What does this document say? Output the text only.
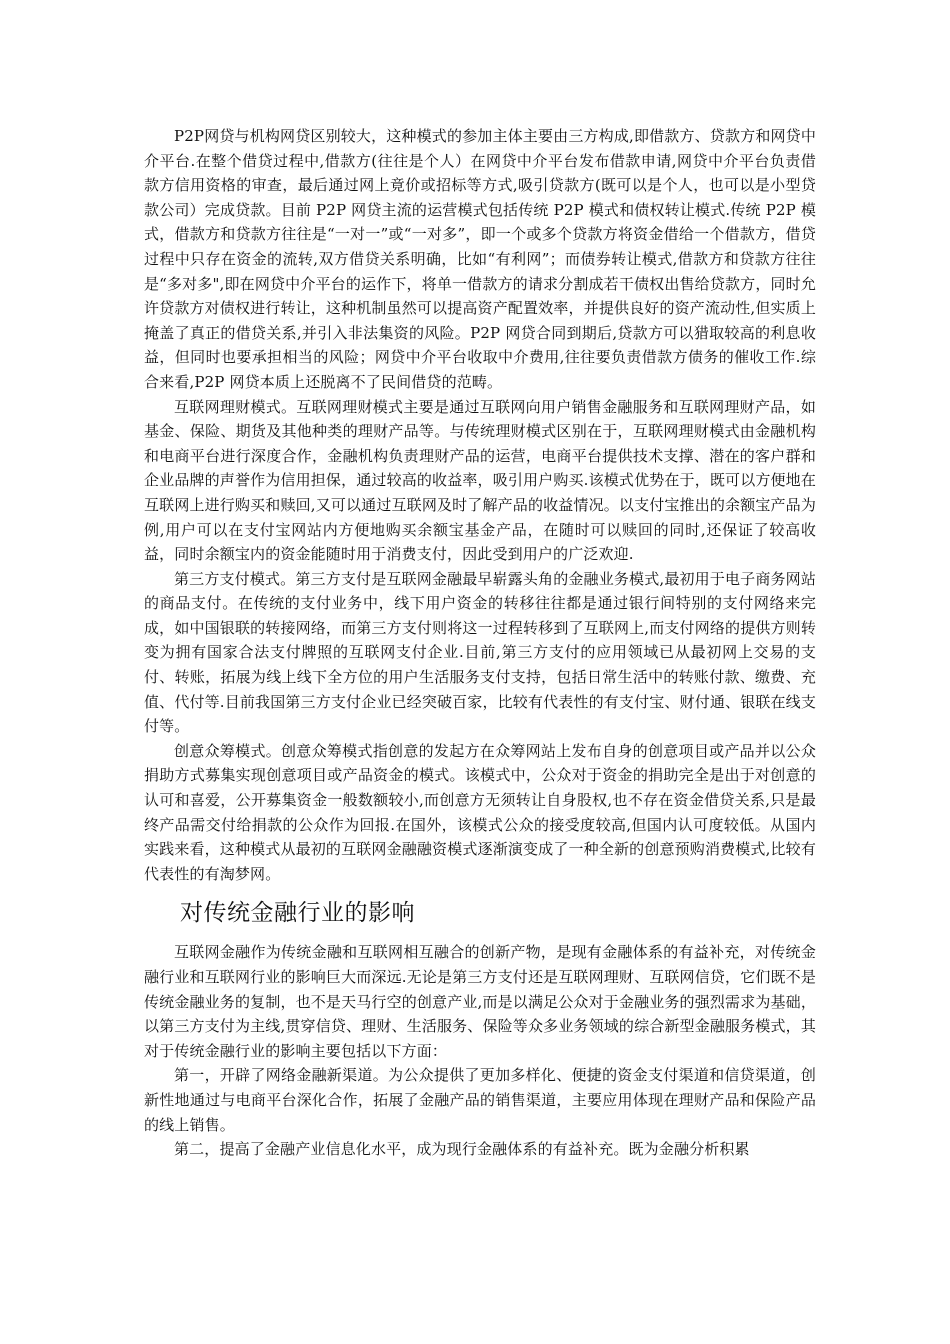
P2P网贷与机构网贷区别较大，这种模式的参加主体主要由三方构成,即借款方、贷款方和网贷中介平台.在整个借贷过程中,借款方(往往是个人）在网贷中介平台发布借款申请,网贷中介平台负责借款方信用资格的审查，最后通过网上竟价或招标等方式,吸引贷款方(既可以是个人，也可以是小型贷款公司）完成贷款。目前 P2P 网贷主流的运营模式包括传统 P2P 模式和债权转让模式.传统 P2P 模式，借款方和贷款方往往是“一对一”或“一对多”，即一个或多个贷款方将资金借给一个借款方，借贷过程中只存在资金的流转,双方借贷关系明确，比如“有利网”；而债券转让模式,借款方和贷款方往往是“多对多",即在网贷中介平台的运作下，将单一借款方的请求分割成若干债权出售给贷款方，同时允许贷款方对债权进行转让，这种机制虽然可以提高资产配置效率，并提供良好的资产流动性,但实质上掩盖了真正的借贷关系,并引入非法集资的风险。P2P 网贷合同到期后,贷款方可以猎取较高的利息收益，但同时也要承担相当的风险；网贷中介平台收取中介费用,往往要负责借款方债务的催收工作.综合来看,P2P 网贷本质上还脱离不了民间借贷的范畴。

互联网理财模式。互联网理财模式主要是通过互联网向用户销售金融服务和互联网理财产品，如基金、保险、期货及其他种类的理财产品等。与传统理财模式区别在于，互联网理财模式由金融机构和电商平台进行深度合作，金融机构负责理财产品的运营，电商平台提供技术支撑、潜在的客户群和企业品牌的声誉作为信用担保，通过较高的收益率，吸引用户购买.该模式优势在于，既可以方便地在互联网上进行购买和赎回,又可以通过互联网及时了解产品的收益情况。以支付宝推出的余额宝产品为例,用户可以在支付宝网站内方便地购买余额宝基金产品，在随时可以赎回的同时,还保证了较高收益，同时余额宝内的资金能随时用于消费支付，因此受到用户的广泛欢迎.

第三方支付模式。第三方支付是互联网金融最早崭露头角的金融业务模式,最初用于电子商务网站的商品支付。在传统的支付业务中，线下用户资金的转移往往都是通过银行间特别的支付网络来完成，如中国银联的转接网络，而第三方支付则将这一过程转移到了互联网上,而支付网络的提供方则转变为拥有国家合法支付牌照的互联网支付企业.目前,第三方支付的应用领域已从最初网上交易的支付、转账，拓展为线上线下全方位的用户生活服务支付支持，包括日常生活中的转账付款、缴费、充值、代付等.目前我国第三方支付企业已经突破百家，比较有代表性的有支付宝、财付通、银联在线支付等。

创意众筹模式。创意众筹模式指创意的发起方在众筹网站上发布自身的创意项目或产品并以公众捐助方式募集实现创意项目或产品资金的模式。该模式中，公众对于资金的捐助完全是出于对创意的认可和喜爱，公开募集资金一般数额较小,而创意方无须转让自身股权,也不存在资金借贷关系,只是最终产品需交付给捐款的公众作为回报.在国外，该模式公众的接受度较高,但国内认可度较低。从国内实践来看，这种模式从最初的互联网金融融资模式逐渐演变成了一种全新的创意预购消费模式,比较有代表性的有淘梦网。

对传统金融行业的影响

互联网金融作为传统金融和互联网相互融合的创新产物，是现有金融体系的有益补充，对传统金融行业和互联网行业的影响巨大而深远.无论是第三方支付还是互联网理财、互联网信贷，它们既不是传统金融业务的复制，也不是天马行空的创意产业,而是以满足公众对于金融业务的强烈需求为基础，以第三方支付为主线,贯穿信贷、理财、生活服务、保险等众多业务领域的综合新型金融服务模式，其对于传统金融行业的影响主要包括以下方面：

第一，开辟了网络金融新渠道。为公众提供了更加多样化、便捷的资金支付渠道和信贷渠道，创新性地通过与电商平台深化合作，拓展了金融产品的销售渠道，主要应用体现在理财产品和保险产品的线上销售。

第二，提高了金融产业信息化水平，成为现行金融体系的有益补充。既为金融分析积累
